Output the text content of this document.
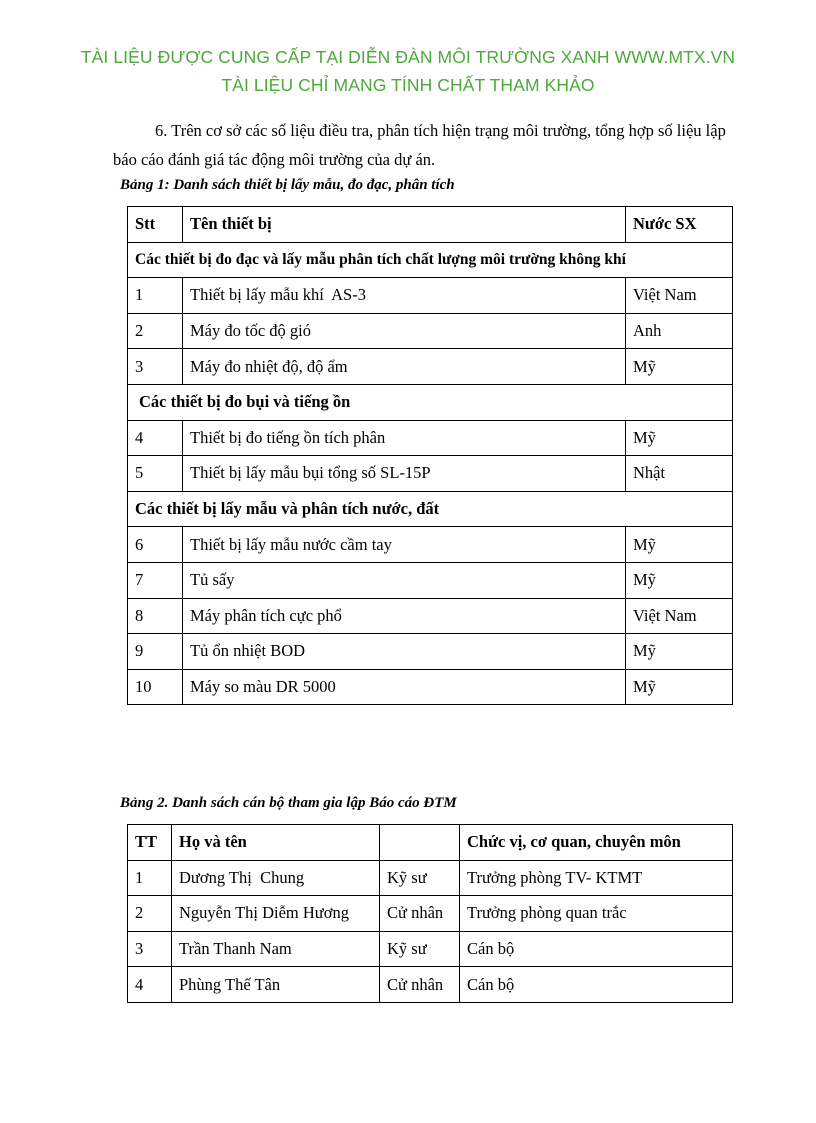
TÀI LIỆU ĐƯỢC CUNG CẤP TẠI DIỄN ĐÀN MÔI TRƯỜNG XANH WWW.MTX.VN
TÀI LIỆU CHỈ MANG TÍNH CHẤT THAM KHẢO
6. Trên cơ sở các số liệu điều tra, phân tích hiện trạng môi trường, tổng hợp số liệu lập báo cáo đánh giá tác động môi trường của dự án.
Bảng 1: Danh sách thiết bị lấy mẫu, đo đạc, phân tích
Stt	Tên thiết bị	Nước SX
Các thiết bị đo đạc và lấy mẫu phân tích chất lượng môi trường không khí		
1	Thiết bị lấy mẫu khí  AS-3	Việt Nam
2	Máy đo tốc độ gió	Anh
3	Máy đo nhiệt độ, độ ẩm	Mỹ
Các thiết bị đo bụi và tiếng ồn		
4	Thiết bị đo tiếng ồn tích phân	Mỹ
5	Thiết bị lấy mẫu bụi tổng số SL-15P	Nhật
Các thiết bị lấy mẫu và phân tích nước, đất		
6	Thiết bị lấy mẫu nước cầm tay	Mỹ
7	Tủ sấy	Mỹ
8	Máy phân tích cực phổ	Việt Nam
9	Tủ ổn nhiệt BOD	Mỹ
10	Máy so màu DR 5000	Mỹ
Bảng 2. Danh sách cán bộ tham gia lập Báo cáo ĐTM
TT	Họ và tên		Chức vị, cơ quan, chuyên môn
1	Dương Thị  Chung	Kỹ sư	Trưởng phòng TV- KTMT
2	Nguyễn Thị Diễm Hương	Cử nhân	Trưởng phòng quan trắc
3	Trần Thanh Nam	Kỹ sư	Cán bộ
4	Phùng Thế Tân	Cử nhân	Cán bộ
